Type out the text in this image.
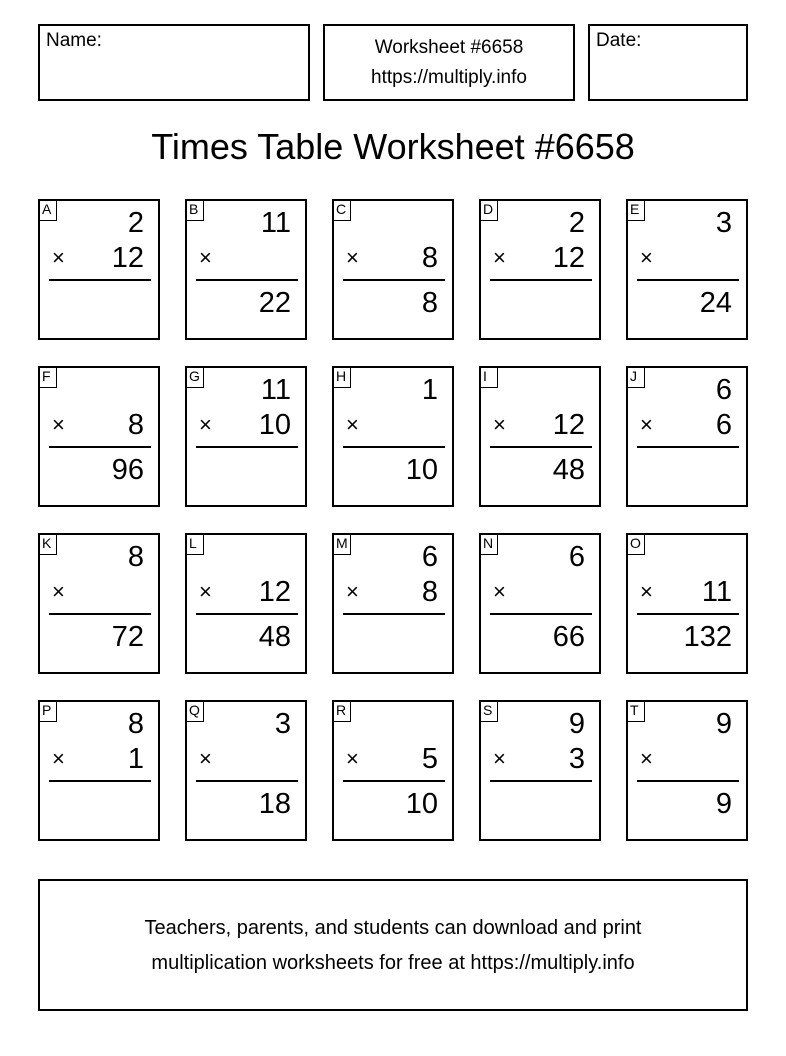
Name:	Worksheet #6658
https://multiply.info
Date:
Times Table Worksheet #6658
A	2
× 12
B 11
×
22
C
× 8
8
D	2
× 12
E	3
×
24
F
× 8
96
G 11
× 10
H	1
×
10
I
× 12
48
J	6
× 6
K	8
×
72
L
× 12
48
M	6
× 8
N	6
×
66
O
× 11
132
P	8
× 1
Q	3
×
18
R
× 5
10
S	9
× 3
T	9
×
9
Teachers, parents, and students can download and print
multiplication worksheets for free at https://multiply.info
